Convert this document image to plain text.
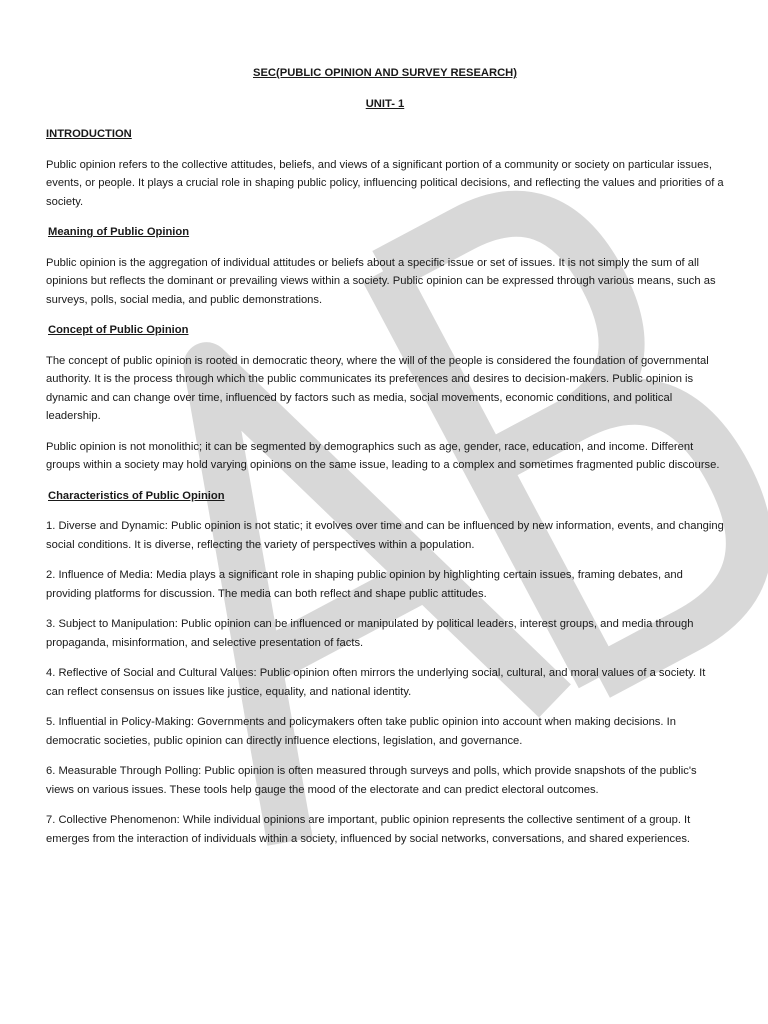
SEC(PUBLIC OPINION AND SURVEY RESEARCH)
UNIT- 1
INTRODUCTION

Public opinion refers to the collective attitudes, beliefs, and views of a significant portion of a community or society on particular issues, events, or people. It plays a crucial role in shaping public policy, influencing political decisions, and reflecting the values and priorities of a society.

Meaning of Public Opinion

Public opinion is the aggregation of individual attitudes or beliefs about a specific issue or set of issues. It is not simply the sum of all opinions but reflects the dominant or prevailing views within a society. Public opinion can be expressed through various means, such as surveys, polls, social media, and public demonstrations.

Concept of Public Opinion

The concept of public opinion is rooted in democratic theory, where the will of the people is considered the foundation of governmental authority. It is the process through which the public communicates its preferences and desires to decision-makers. Public opinion is dynamic and can change over time, influenced by factors such as media, social movements, economic conditions, and political leadership.

Public opinion is not monolithic; it can be segmented by demographics such as age, gender, race, education, and income. Different groups within a society may hold varying opinions on the same issue, leading to a complex and sometimes fragmented public discourse.

Characteristics of Public Opinion

1. Diverse and Dynamic: Public opinion is not static; it evolves over time and can be influenced by new information, events, and changing social conditions. It is diverse, reflecting the variety of perspectives within a population.

2. Influence of Media: Media plays a significant role in shaping public opinion by highlighting certain issues, framing debates, and providing platforms for discussion. The media can both reflect and shape public attitudes.

3. Subject to Manipulation: Public opinion can be influenced or manipulated by political leaders, interest groups, and media through propaganda, misinformation, and selective presentation of facts.

4. Reflective of Social and Cultural Values: Public opinion often mirrors the underlying social, cultural, and moral values of a society. It can reflect consensus on issues like justice, equality, and national identity.

5. Influential in Policy-Making: Governments and policymakers often take public opinion into account when making decisions. In democratic societies, public opinion can directly influence elections, legislation, and governance.

6. Measurable Through Polling: Public opinion is often measured through surveys and polls, which provide snapshots of the public's views on various issues. These tools help gauge the mood of the electorate and can predict electoral outcomes.

7. Collective Phenomenon: While individual opinions are important, public opinion represents the collective sentiment of a group. It emerges from the interaction of individuals within a society, influenced by social networks, conversations, and shared experiences.
